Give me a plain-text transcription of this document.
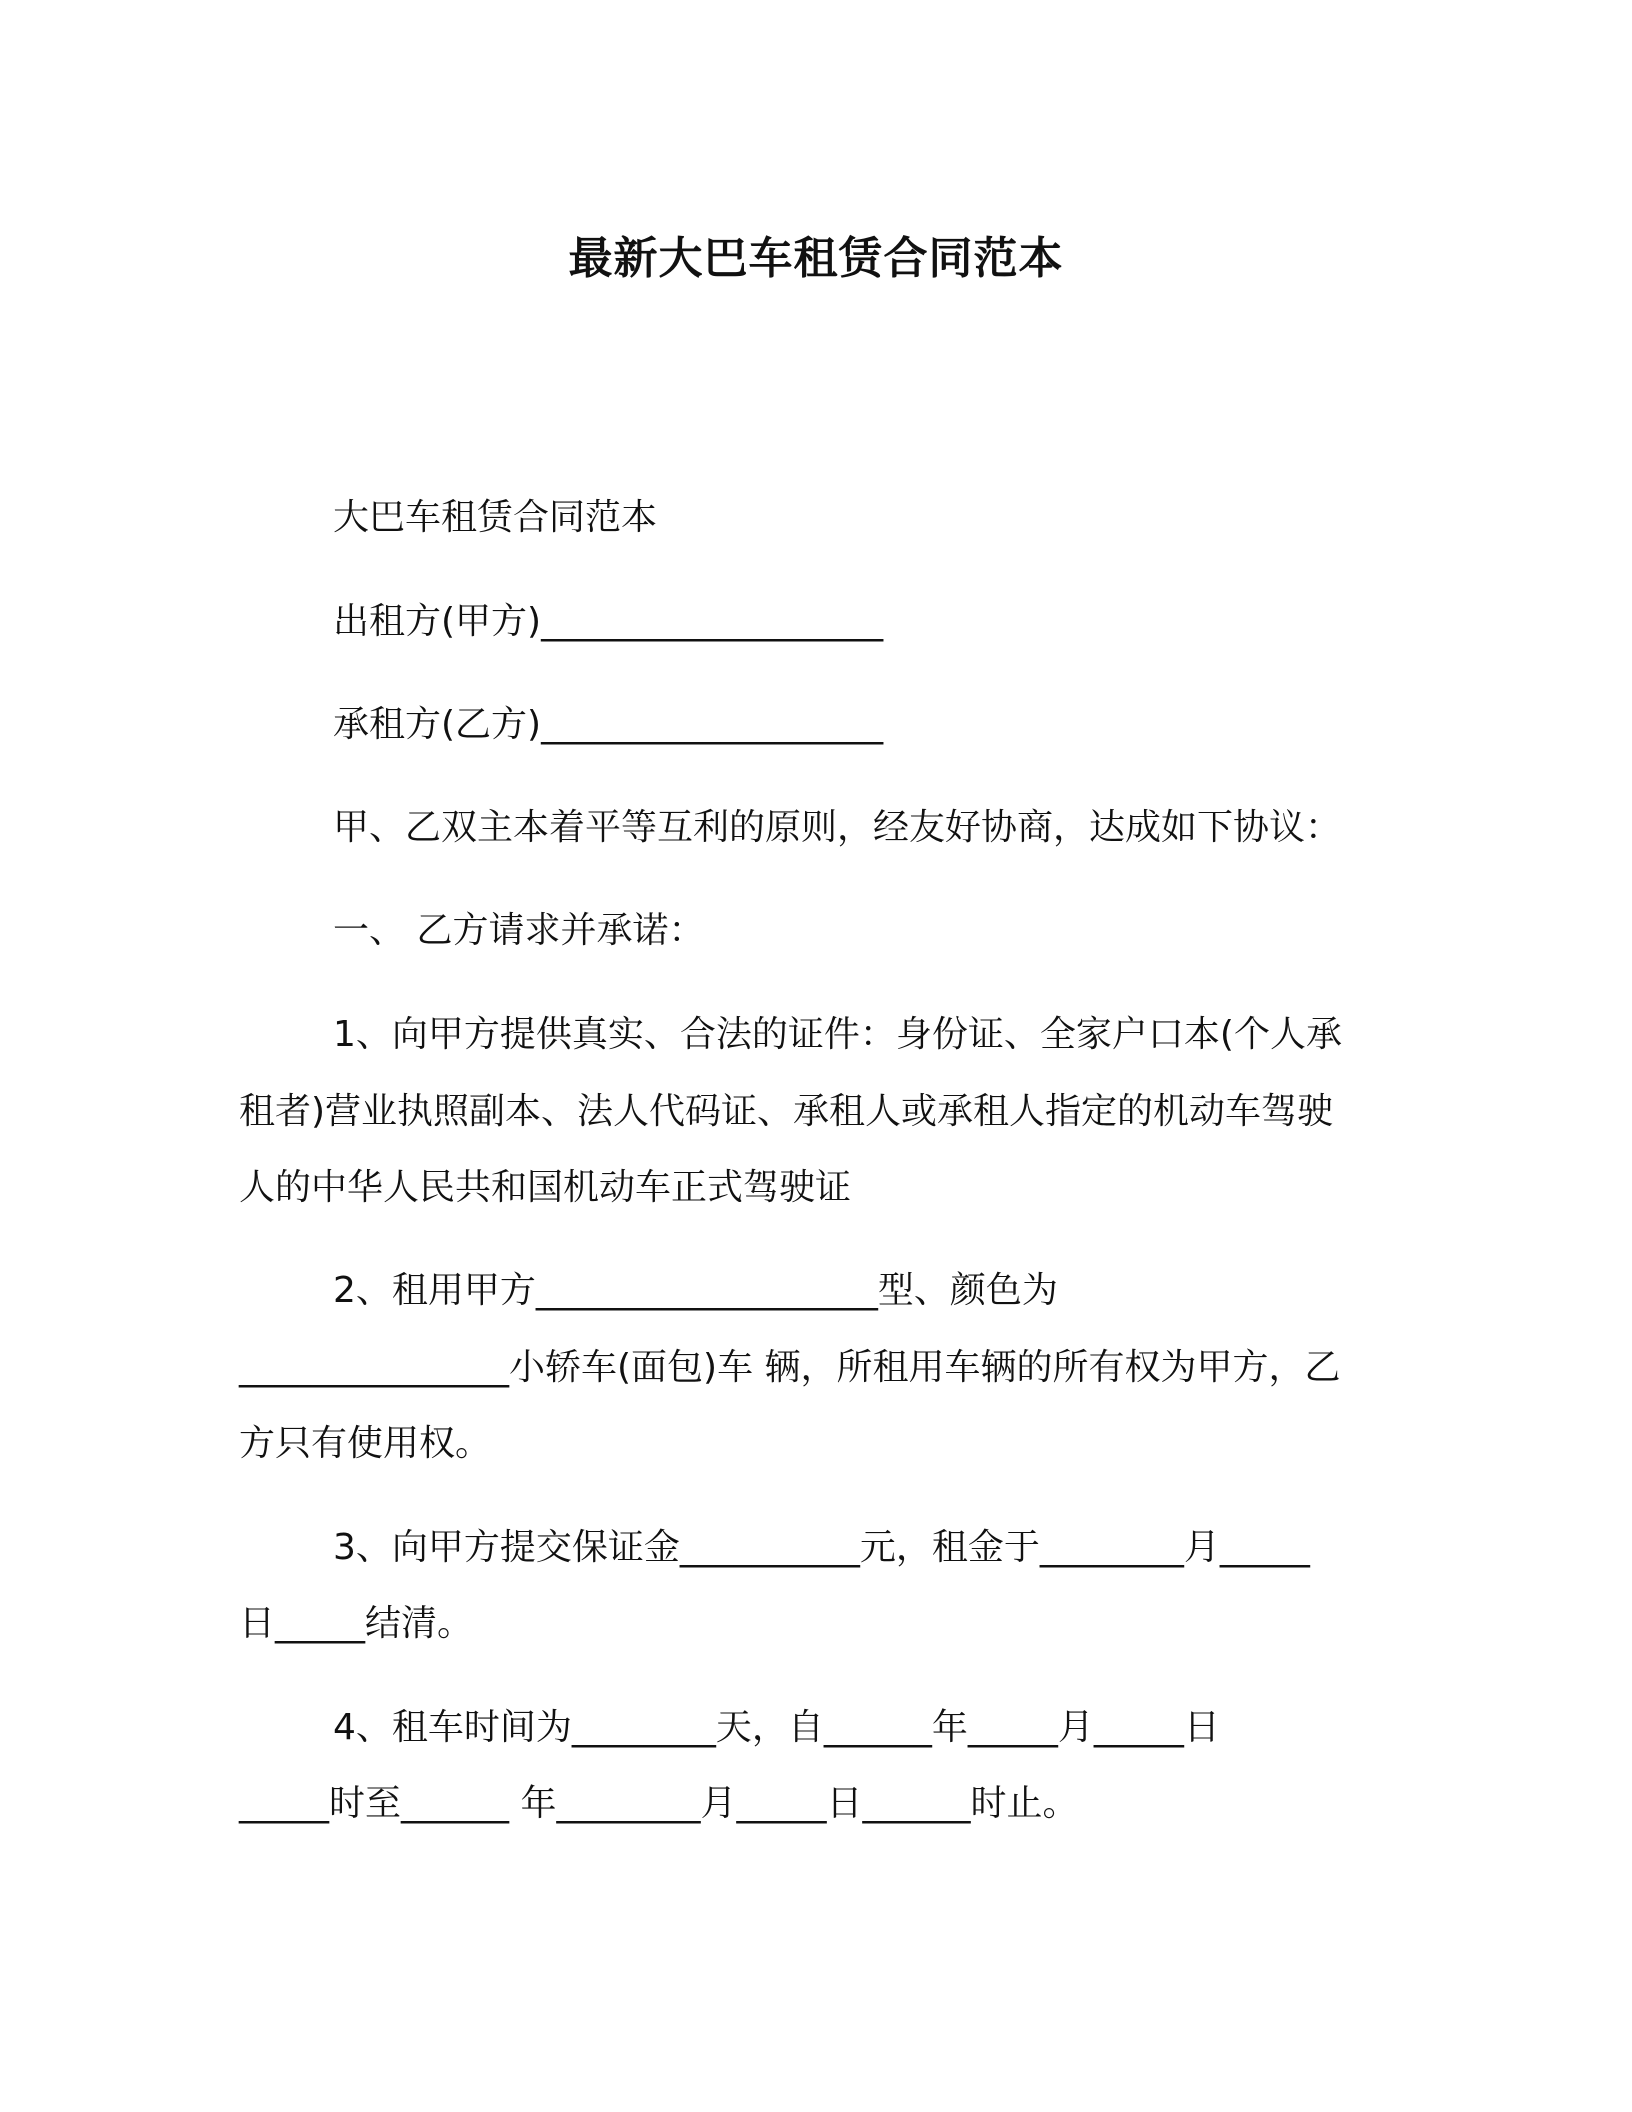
最新大巴车租赁合同范本
大巴车租赁合同范本
出租方(甲方)___________________
承租方(乙方)___________________
甲、乙双主本着平等互利的原则，经友好协商，达成如下协议：
一、 乙方请求并承诺：
1、向甲方提供真实、合法的证件：身份证、全家户口本(个人承
租者)营业执照副本、法人代码证、承租人或承租人指定的机动车驾驶
人的中华人民共和国机动车正式驾驶证
2、租用甲方___________________型、颜色为
_______________小轿车(面包)车 辆，所租用车辆的所有权为甲方，乙
方只有使用权。
3、向甲方提交保证金__________元，租金于________月_____
日_____结清。
4、租车时间为________天，自______年_____月_____日
_____时至______ 年________月_____日______时止。
